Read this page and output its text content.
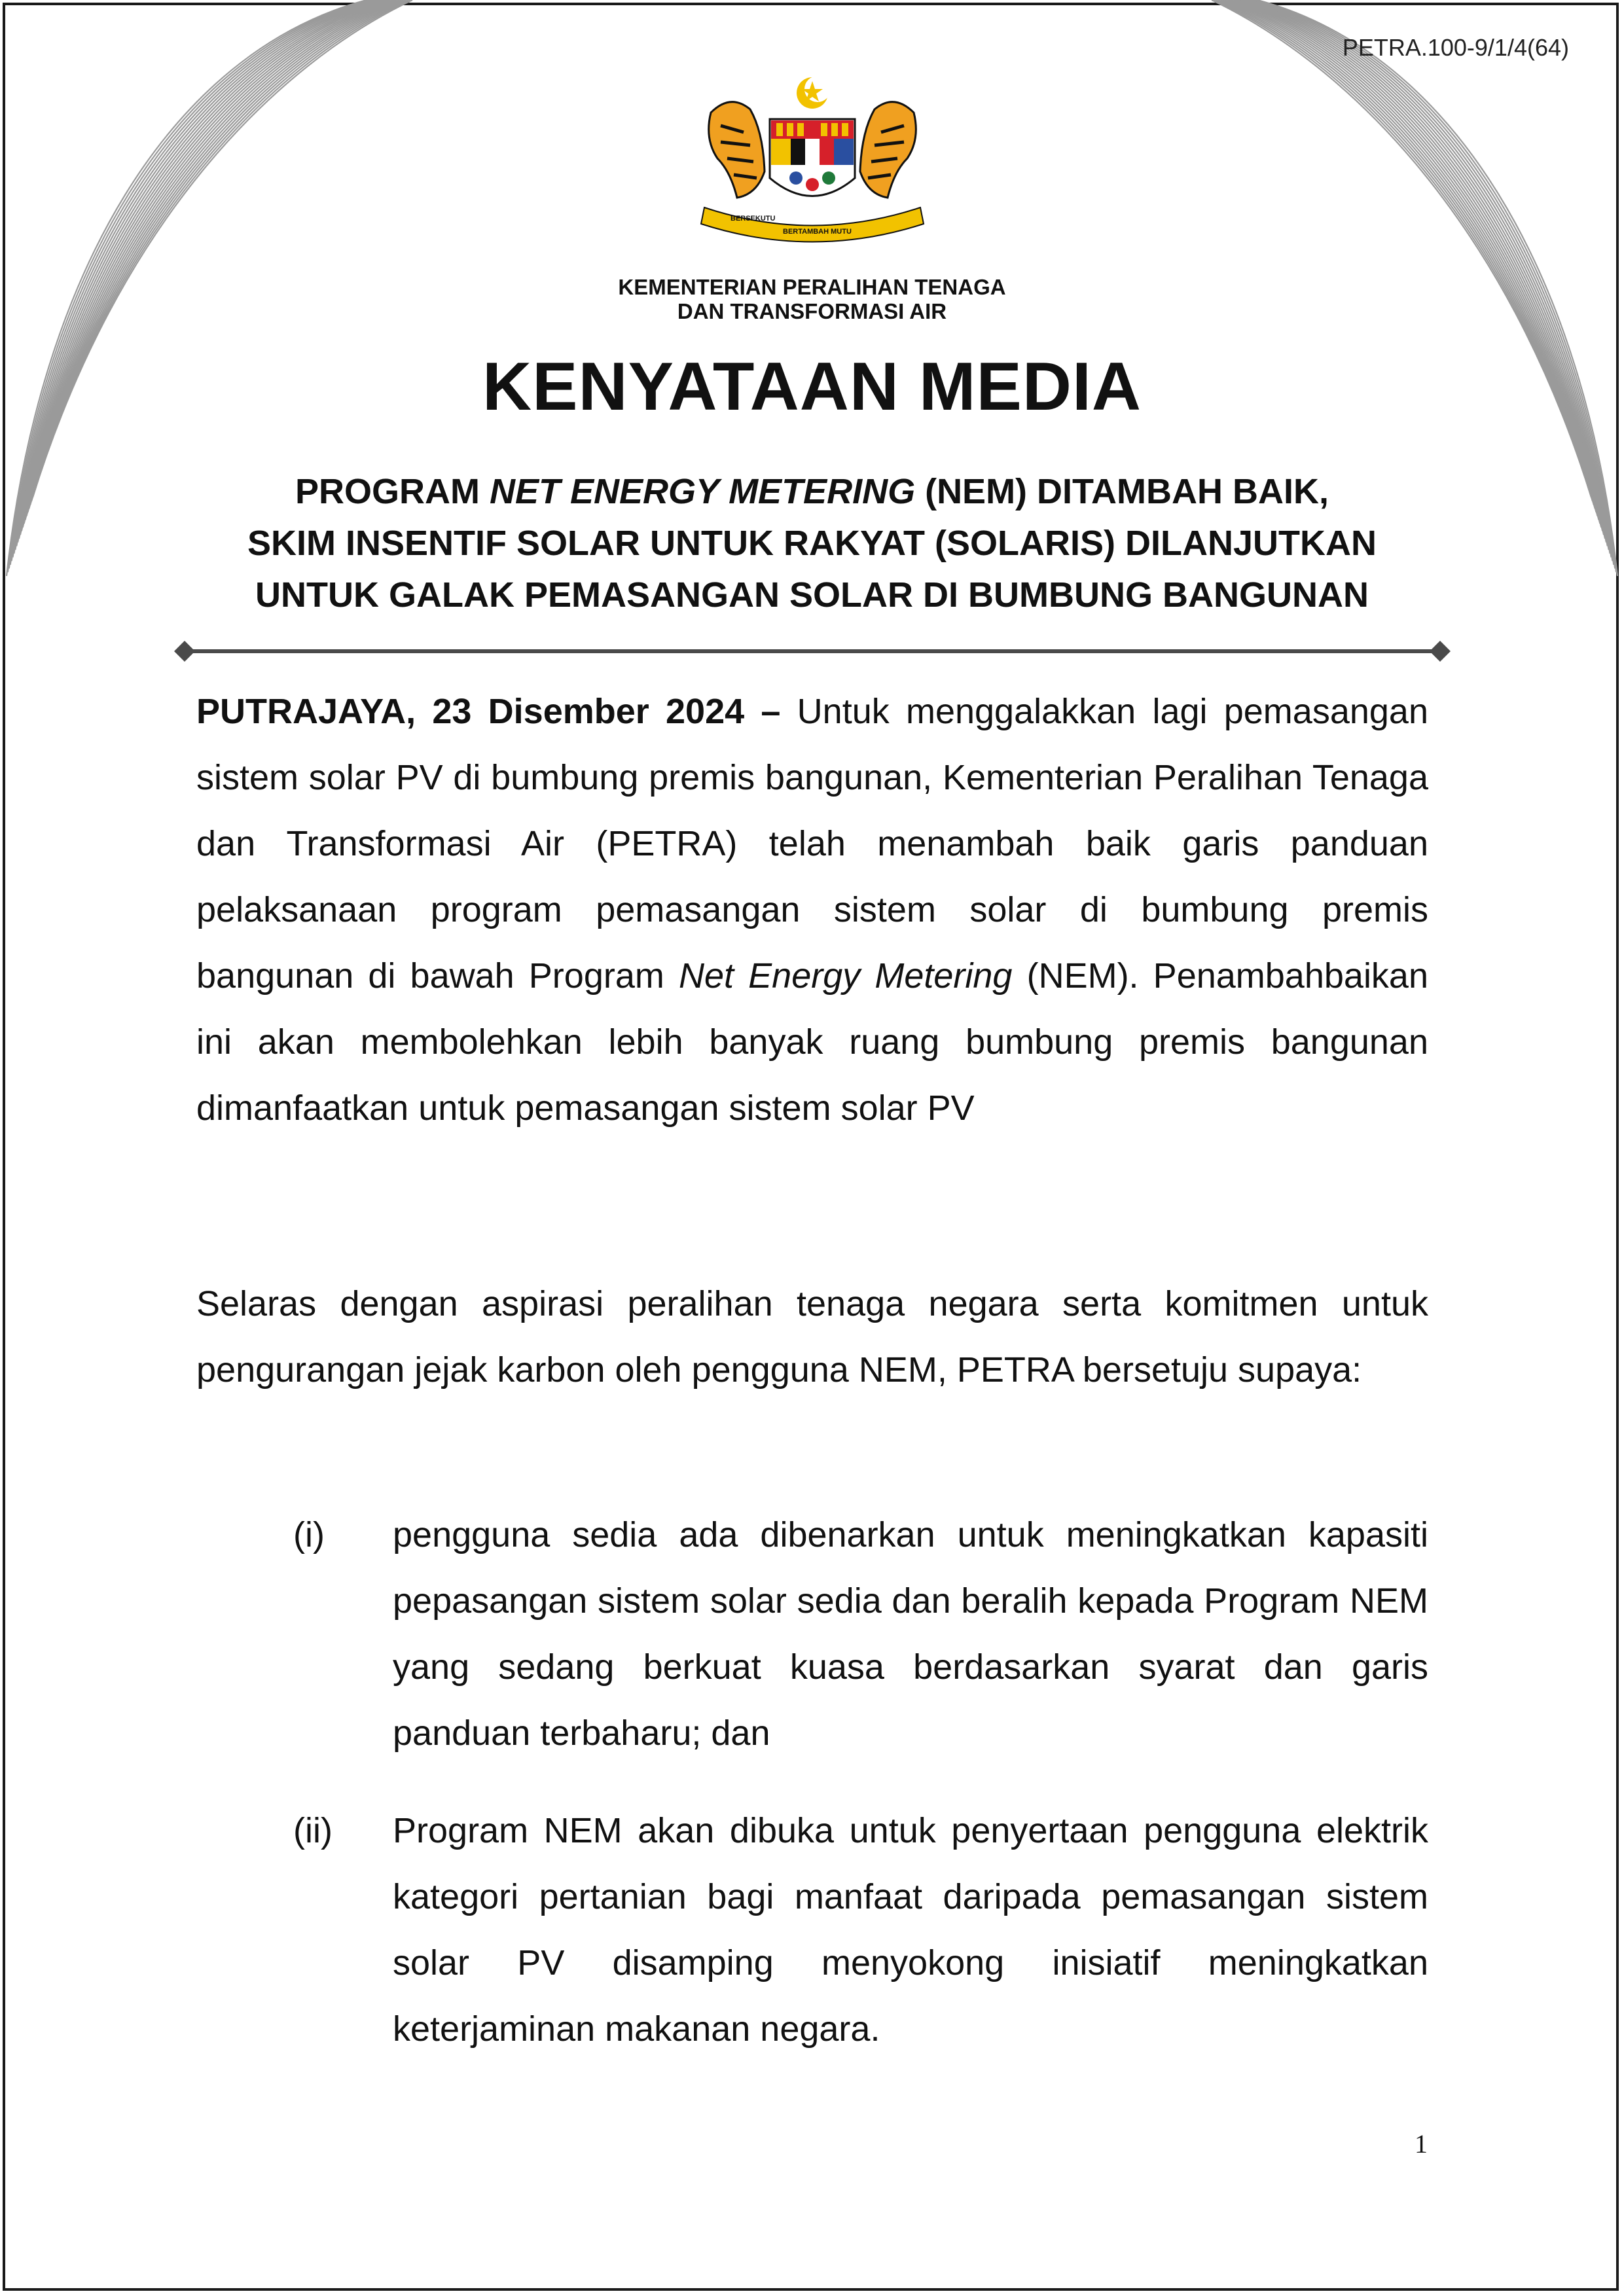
PETRA.100-9/1/4(64)
BERSEKUTU
BERTAMBAH MUTU
KEMENTERIAN PERALIHAN TENAGA
DAN TRANSFORMASI AIR
KENYATAAN MEDIA
PROGRAM NET ENERGY METERING (NEM) DITAMBAH BAIK,
SKIM INSENTIF SOLAR UNTUK RAKYAT (SOLARIS) DILANJUTKAN
UNTUK GALAK PEMASANGAN SOLAR DI BUMBUNG BANGUNAN
PUTRAJAYA, 23 Disember 2024 – Untuk menggalakkan lagi pemasangan sistem solar PV di bumbung premis bangunan, Kementerian Peralihan Tenaga dan Transformasi Air (PETRA) telah menambah baik garis panduan pelaksanaan program pemasangan sistem solar di bumbung premis bangunan di bawah Program Net Energy Metering (NEM). Penambahbaikan ini akan membolehkan lebih banyak ruang bumbung premis bangunan dimanfaatkan untuk pemasangan sistem solar PV
Selaras dengan aspirasi peralihan tenaga negara serta komitmen untuk pengurangan jejak karbon oleh pengguna NEM, PETRA bersetuju supaya:
(i)	pengguna sedia ada dibenarkan untuk meningkatkan kapasiti pepasangan sistem solar sedia dan beralih kepada Program NEM yang sedang berkuat kuasa berdasarkan syarat dan garis panduan terbaharu; dan
(ii)	Program NEM akan dibuka untuk penyertaan pengguna elektrik kategori pertanian bagi manfaat daripada pemasangan sistem solar PV disamping menyokong inisiatif meningkatkan keterjaminan makanan negara.
1
